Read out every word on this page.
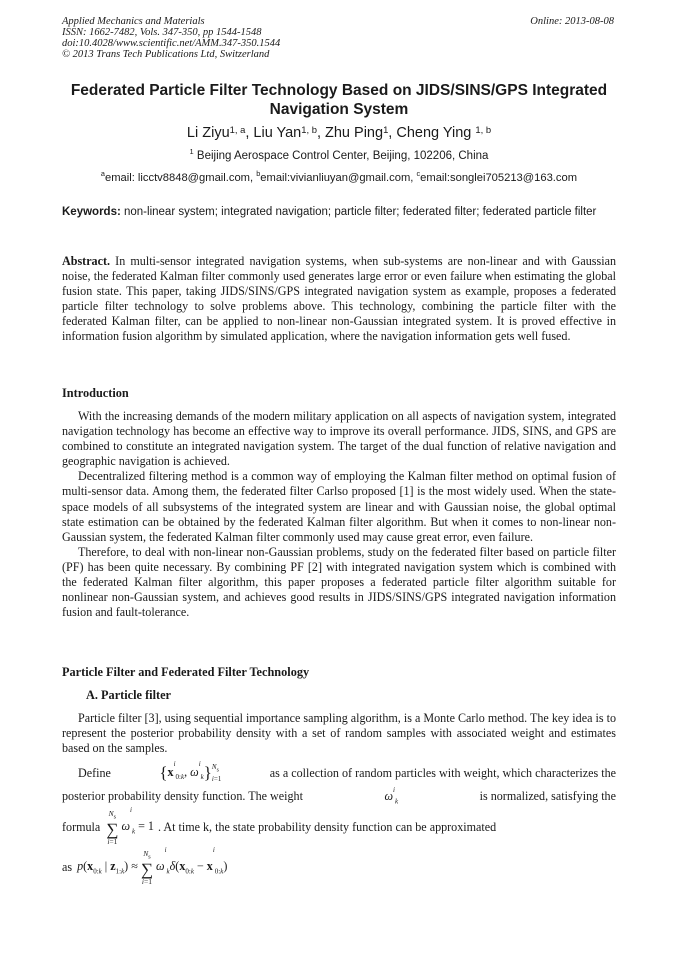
Applied Mechanics and Materials
ISSN: 1662-7482, Vols. 347-350, pp 1544-1548
doi:10.4028/www.scientific.net/AMM.347-350.1544
© 2013 Trans Tech Publications Ltd, Switzerland
Online: 2013-08-08
Federated Particle Filter Technology Based on JIDS/SINS/GPS Integrated
Navigation System
Li Ziyu$^{1, a}$, Liu Yan$^{1, b}$, Zhu Ping$^1$, Cheng Ying $^{1, b}$
$^1$ Beijing Aerospace Control Center, Beijing, 102206, China
$^a$email: licctv8848@gmail.com, $^b$email:vivianliuyan@gmail.com, $^c$email:songlei705213@163.com
Keywords: non-linear system; integrated navigation; particle filter; federated filter; federated particle filter
Abstract. In multi-sensor integrated navigation systems, when sub-systems are non-linear and with Gaussian noise, the federated Kalman filter commonly used generates large error or even failure when estimating the global fusion state. This paper, taking JIDS/SINS/GPS integrated navigation system as example, proposes a federated particle filter technology to solve problems above. This technology, combining the particle filter with the federated Kalman filter, can be applied to non-linear non-Gaussian integrated system. It is proved effective in information fusion algorithm by simulated application, where the navigation information gets well fused.
Introduction

With the increasing demands of the modern military application on all aspects of navigation system, integrated navigation technology has become an effective way to improve its overall performance. JIDS, SINS, and GPS are combined to constitute an integrated navigation system. The target of the dual function of relative navigation and geographic navigation is achieved.

Decentralized filtering method is a common way of employing the Kalman filter method on optimal fusion of multi-sensor data. Among them, the federated filter Carlso proposed [1] is the most widely used. When the state-space models of all subsystems of the integrated system are linear and with Gaussian noise, the global optimal state estimation can be obtained by the federated Kalman filter algorithm. But when it comes to non-linear non-Gaussian system, the federated Kalman filter commonly used may cause great error, even failure.

Therefore, to deal with non-linear non-Gaussian problems, study on the federated filter based on particle filter (PF) has been quite necessary. By combining PF [2] with integrated navigation system which is combined with the federated Kalman filter algorithm, this paper proposes a federated particle filter algorithm suitable for nonlinear non-Gaussian system, and achieves good results in JIDS/SINS/GPS integrated navigation information fusion and fault-tolerance.

Particle Filter and Federated Filter Technology
A. Particle filter

Particle filter [3], using sequential importance sampling algorithm, is a Monte Carlo method. The key idea is to represent the posterior probability density with a set of random samples with associated weight and estimates based on the samples.

Define	{$x^i_{0:k}$, $\omega^i_k$} $N_s$
i=1	as a collection of random particles with weight, which characterizes the
posterior probability density function. The weight	$\omega^i_k$	is normalized, satisfying the
formula
$N_s$
∑
i=1
$\omega^i_k = 1$ . At time k, the state probability density function can be approximated
as $p(x_{0:k}$ | $z_{1:k}$) ≈
$N_s$
∑
i=1
$\omega^i_k\delta(x_{0:k} - x^i_{0:k})$
